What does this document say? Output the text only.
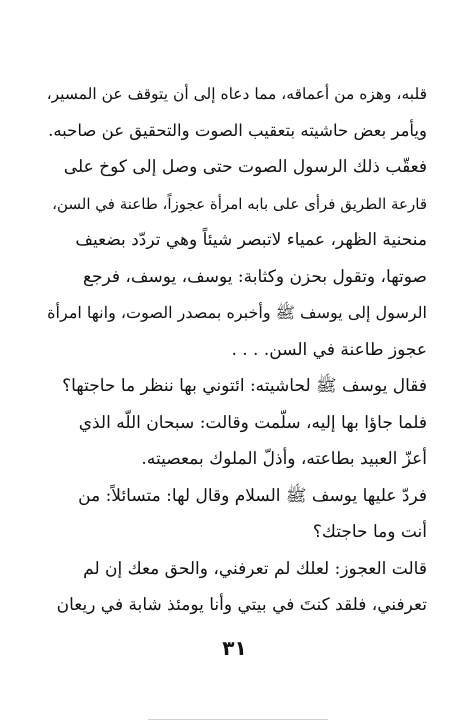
قلبه، وهزه من أعماقه، مما دعاه إلى أن يتوقف عن المسير،
ويأمر بعض حاشيته بتعقيب الصوت والتحقيق عن صاحبه.
فعقّب ذلك الرسول الصوت حتى وصل إلى كوخ على
قارعة الطريق فرأى على بابه امرأة عجوزاً، طاعنة في السن،
منحنية الظهر، عمياء لاتبصر شيئاً وهي تردّد بضعيف
صوتها، وتقول بحزن وكثابة: يوسف، يوسف، فرجع
الرسول إلى يوسف ﷺ وأخبره بمصدر الصوت، وانها امرأة
عجوز طاعنة في السن. . . .
فقال يوسف ﷺ لحاشيته: ائتوني بها ننظر ما حاجتها؟
فلما جاؤا بها إليه، سلّمت وقالت: سبحان اللّه الذي
أعزّ العبيد بطاعته، وأذلّ الملوك بمعصيته.
فردّ عليها يوسف ﷺ السلام وقال لها: متسائلاً: من
أنت وما حاجتك؟
قالت العجوز: لعلك لم تعرفني، والحق معك إن لم
تعرفني، فلقد كنتَ في بيتي وأنا يومئذ شابة في ريعان
٣١
